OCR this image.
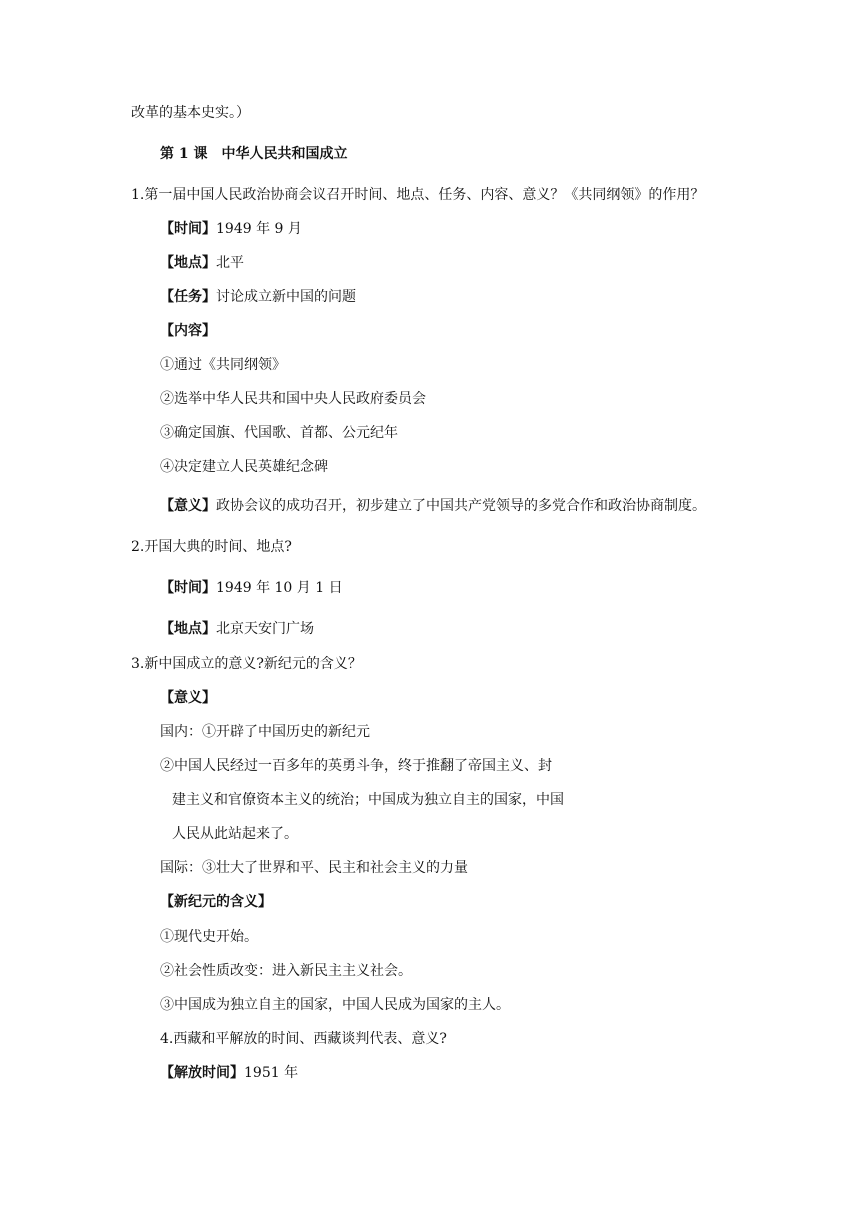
改革的基本史实。）
第 1 课　中华人民共和国成立
1.第一届中国人民政治协商会议召开时间、地点、任务、内容、意义？《共同纲领》的作用？
【时间】1949 年 9 月
【地点】北平
【任务】讨论成立新中国的问题
【内容】
①通过《共同纲领》
②选举中华人民共和国中央人民政府委员会
③确定国旗、代国歌、首都、公元纪年
④决定建立人民英雄纪念碑
【意义】政协会议的成功召开，初步建立了中国共产党领导的多党合作和政治协商制度。
2.开国大典的时间、地点?
【时间】1949 年 10 月 1 日
【地点】北京天安门广场
3.新中国成立的意义?新纪元的含义？
【意义】
国内：①开辟了中国历史的新纪元
②中国人民经过一百多年的英勇斗争，终于推翻了帝国主义、封
建主义和官僚资本主义的统治；中国成为独立自主的国家，中国
人民从此站起来了。
国际：③壮大了世界和平、民主和社会主义的力量
【新纪元的含义】
①现代史开始。
②社会性质改变：进入新民主主义社会。
③中国成为独立自主的国家，中国人民成为国家的主人。
4.西藏和平解放的时间、西藏谈判代表、意义?
【解放时间】1951 年
